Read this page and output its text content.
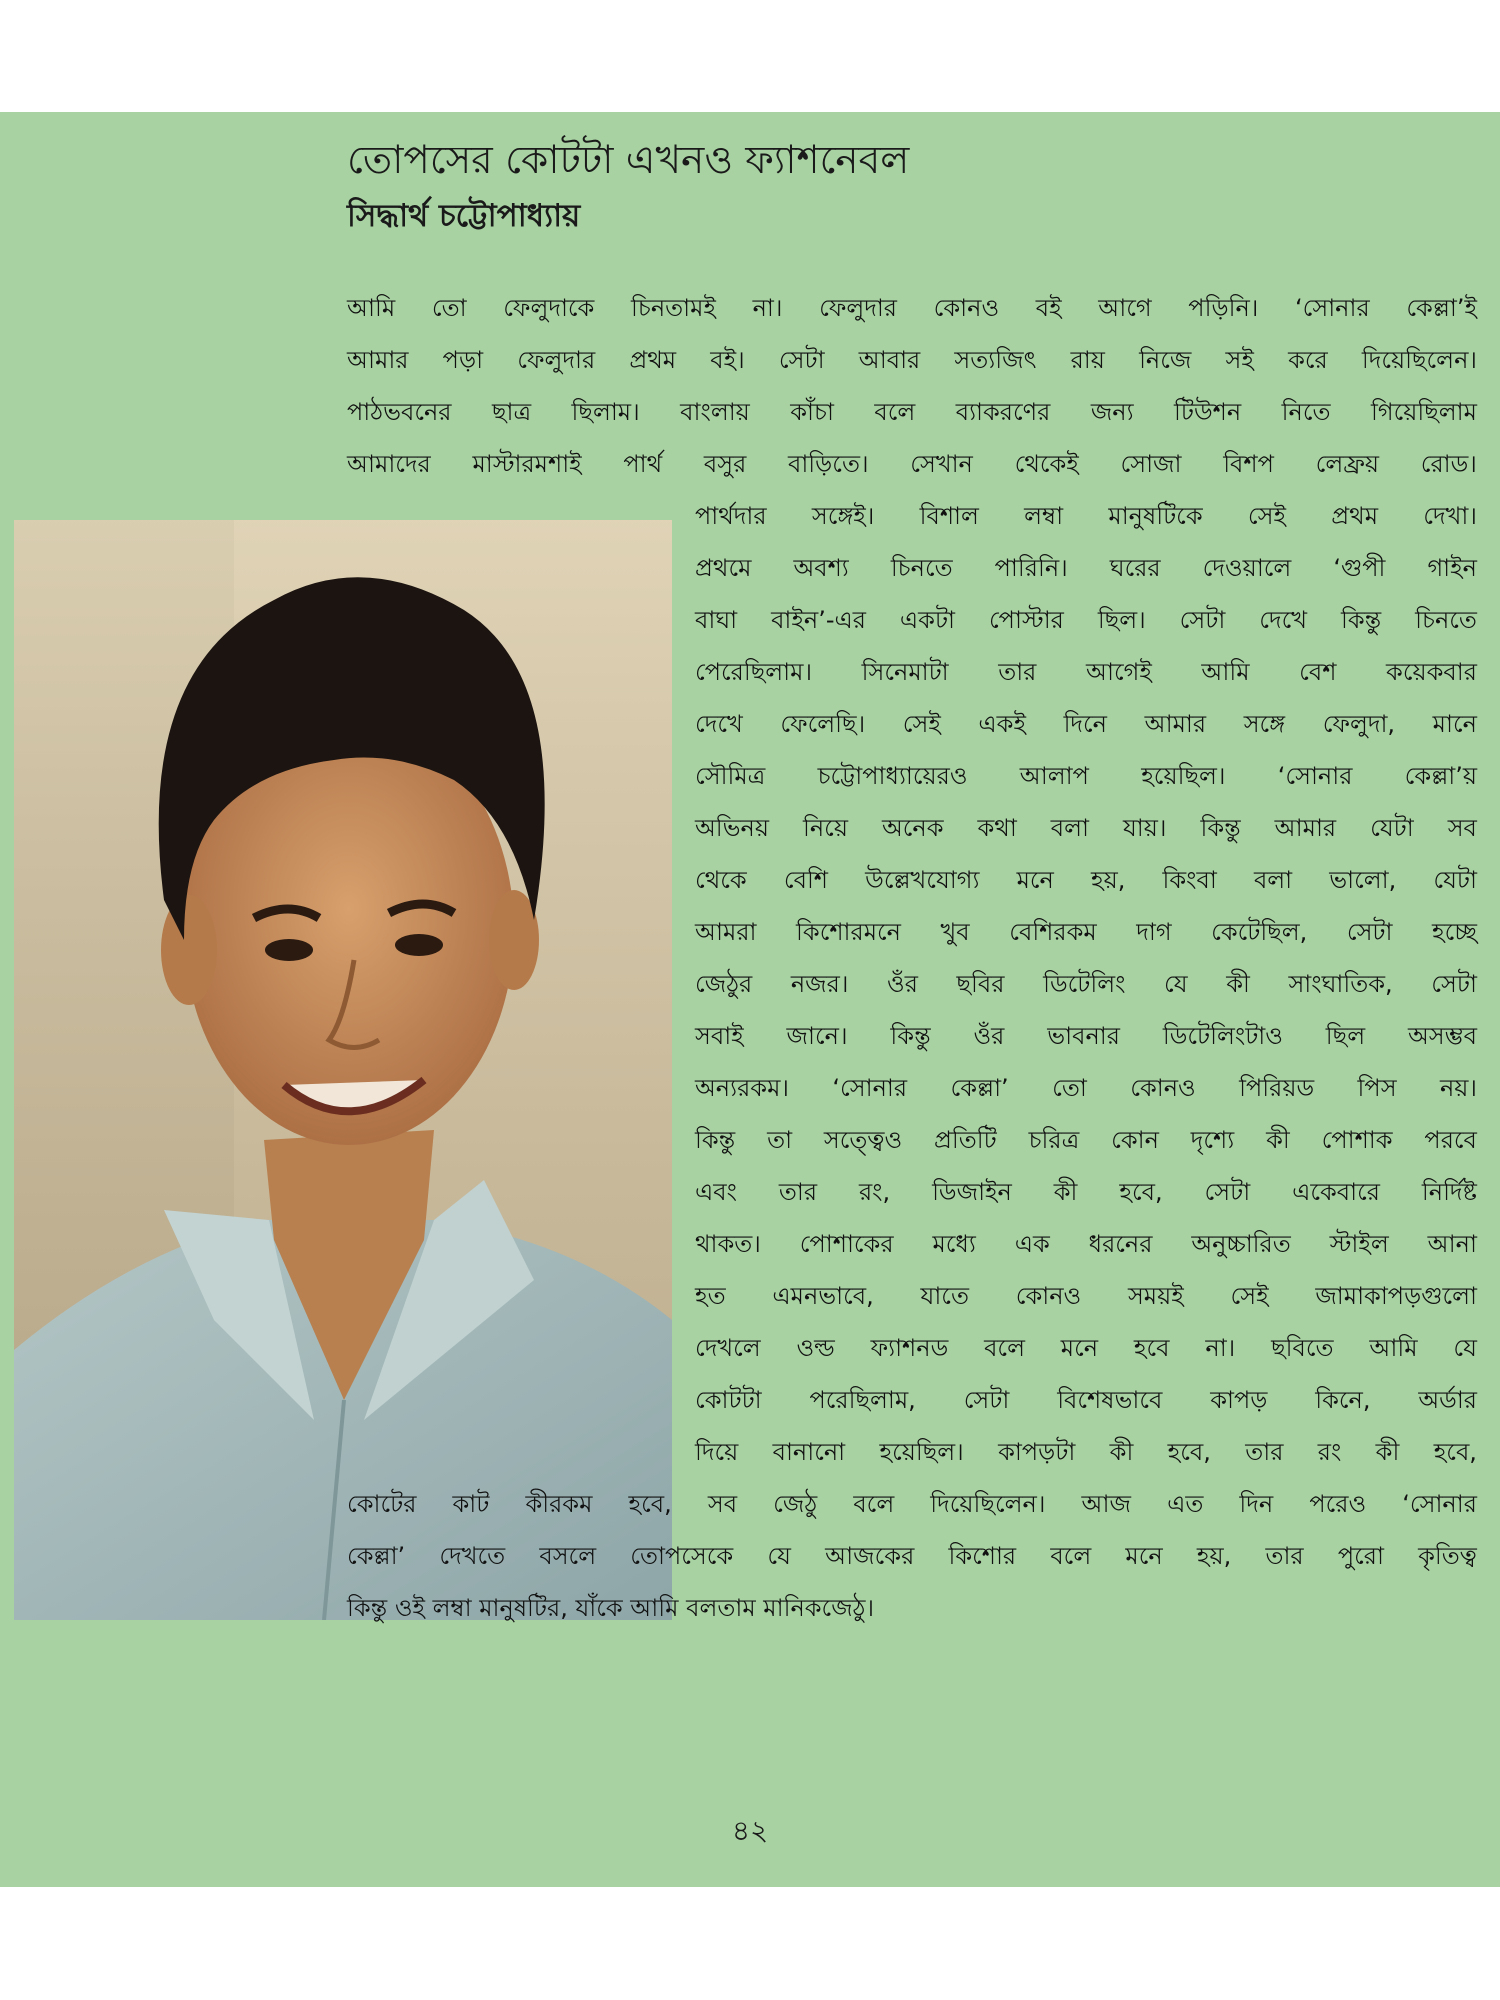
তোপসের কোটটা এখনও ফ্যাশনেবল
সিদ্ধার্থ চট্টোপাধ্যায়
আমি তো ফেলুদাকে চিনতামই না। ফেলুদার কোনও বই আগে পড়িনি। ‘সোনার কেল্লা’ই
আমার পড়া ফেলুদার প্রথম বই। সেটা আবার সত্যজিৎ রায় নিজে সই করে দিয়েছিলেন।
পাঠভবনের ছাত্র ছিলাম। বাংলায় কাঁচা বলে ব্যাকরণের জন্য টিউশন নিতে গিয়েছিলাম
আমাদের মাস্টারমশাই পার্থ বসুর বাড়িতে। সেখান থেকেই সোজা বিশপ লেফ্রয় রোড।
পার্থদার সঙ্গেই। বিশাল লম্বা মানুষটিকে সেই প্রথম দেখা।
প্রথমে অবশ্য চিনতে পারিনি। ঘরের দেওয়ালে ‘গুপী গাইন
বাঘা বাইন’-এর একটা পোস্টার ছিল। সেটা দেখে কিন্তু চিনতে
পেরেছিলাম। সিনেমাটা তার আগেই আমি বেশ কয়েকবার
দেখে ফেলেছি। সেই একই দিনে আমার সঙ্গে ফেলুদা, মানে
সৌমিত্র চট্টোপাধ্যায়েরও আলাপ হয়েছিল। ‘সোনার কেল্লা’য়
অভিনয় নিয়ে অনেক কথা বলা যায়। কিন্তু আমার যেটা সব
থেকে বেশি উল্লেখযোগ্য মনে হয়, কিংবা বলা ভালো, যেটা
আমরা কিশোরমনে খুব বেশিরকম দাগ কেটেছিল, সেটা হচ্ছে
জেঠুর নজর। ওঁর ছবির ডিটেলিং যে কী সাংঘাতিক, সেটা
সবাই জানে। কিন্তু ওঁর ভাবনার ডিটেলিংটাও ছিল অসম্ভব
অন্যরকম। ‘সোনার কেল্লা’ তো কোনও পিরিয়ড পিস নয়।
কিন্তু তা সত্ত্বেও প্রতিটি চরিত্র কোন দৃশ্যে কী পোশাক পরবে
এবং তার রং, ডিজাইন কী হবে, সেটা একেবারে নির্দিষ্ট
থাকত। পোশাকের মধ্যে এক ধরনের অনুচ্চারিত স্টাইল আনা
হত এমনভাবে, যাতে কোনও সময়ই সেই জামাকাপড়গুলো
দেখলে ওল্ড ফ্যাশনড বলে মনে হবে না। ছবিতে আমি যে
কোটটা পরেছিলাম, সেটা বিশেষভাবে কাপড় কিনে, অর্ডার
দিয়ে বানানো হয়েছিল। কাপড়টা কী হবে, তার রং কী হবে,
কোটের কাট কীরকম হবে, সব জেঠু বলে দিয়েছিলেন। আজ এত দিন পরেও ‘সোনার
কেল্লা’ দেখতে বসলে তোপসেকে যে আজকের কিশোর বলে মনে হয়, তার পুরো কৃতিত্ব
কিন্তু ওই লম্বা মানুষটির, যাঁকে আমি বলতাম মানিকজেঠু।
৪২
